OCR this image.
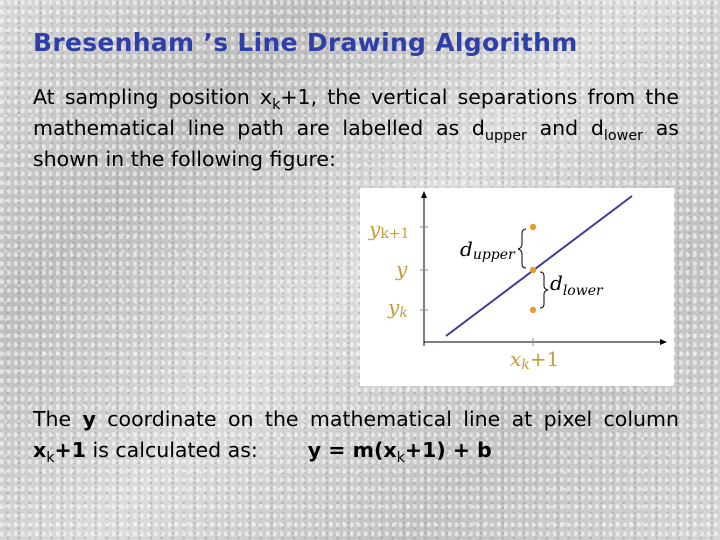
Bresenham ’s Line Drawing Algorithm
At sampling position $x_k+1$, the vertical separations from the mathematical line path are labelled as $d_{upper}$ and $d_{lower}$ as shown in the following figure:
yk+1
y
yk
dupper
$d_{lower}$
xk+1
The y coordinate on the mathematical line at pixel column $x_k+1$ is calculated as: $y = m(x_k+1) + b$
